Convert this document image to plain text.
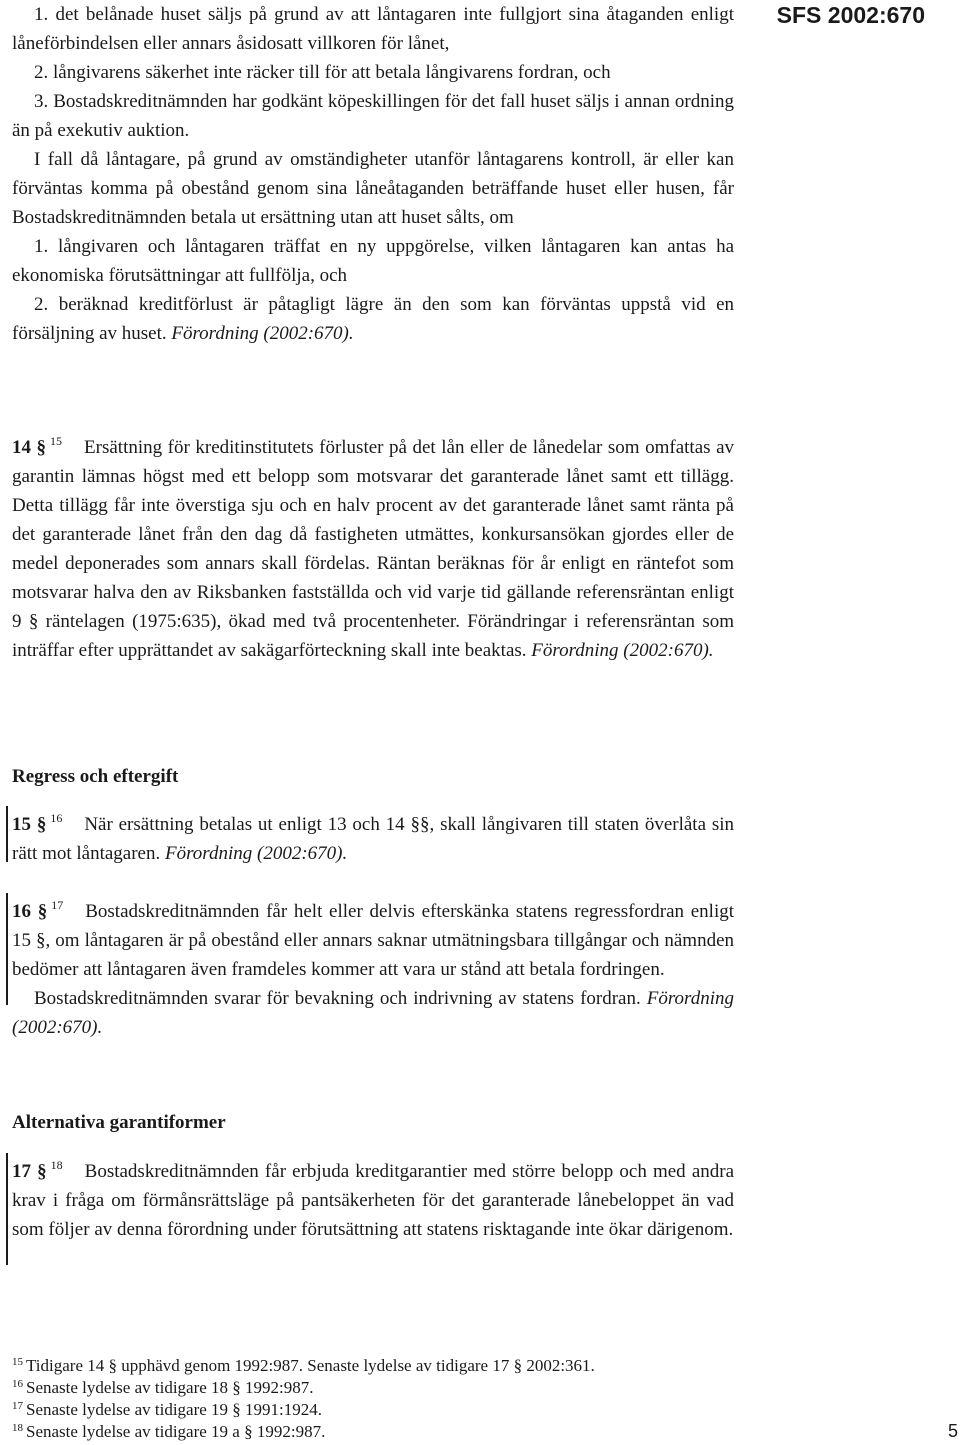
SFS 2002:670

1. det belånade huset säljs på grund av att låntagaren inte fullgjort sina åtaganden enligt låneförbindelsen eller annars åsidosatt villkoren för lånet,

2. långivarens säkerhet inte räcker till för att betala långivarens fordran, och

3. Bostadskreditnämnden har godkänt köpeskillingen för det fall huset säljs i annan ordning än på exekutiv auktion.

I fall då låntagare, på grund av omständigheter utanför låntagarens kontroll, är eller kan förväntas komma på obestånd genom sina låneåtaganden beträffande huset eller husen, får Bostadskreditnämnden betala ut ersättning utan att huset sålts, om

1. långivaren och låntagaren träffat en ny uppgörelse, vilken låntagaren kan antas ha ekonomiska förutsättningar att fullfölja, och

2. beräknad kreditförlust är påtagligt lägre än den som kan förväntas uppstå vid en försäljning av huset. Förordning (2002:670).

14 § $^{15}$ Ersättning för kreditinstitutets förluster på det lån eller de lånedelar som omfattas av garantin lämnas högst med ett belopp som motsvarar det garanterade lånet samt ett tillägg. Detta tillägg får inte överstiga sju och en halv procent av det garanterade lånet samt ränta på det garanterade lånet från den dag då fastigheten utmättes, konkursansökan gjordes eller de medel deponerades som annars skall fördelas. Räntan beräknas för år enligt en räntefot som motsvarar halva den av Riksbanken fastställda och vid varje tid gällande referensräntan enligt 9 § räntelagen (1975:635), ökad med två procentenheter. Förändringar i referensräntan som inträffar efter upprättandet av sakägarförteckning skall inte beaktas. Förordning (2002:670).

Regress och eftergift

15 § $^{16}$ När ersättning betalas ut enligt 13 och 14 §§, skall långivaren till staten överlåta sin rätt mot låntagaren. Förordning (2002:670).

16 § $^{17}$ Bostadskreditnämnden får helt eller delvis efterskänka statens regressfordran enligt 15 §, om låntagaren är på obestånd eller annars saknar utmätningsbara tillgångar och nämnden bedömer att låntagaren även framdeles kommer att vara ur stånd att betala fordringen.

Bostadskreditnämnden svarar för bevakning och indrivning av statens fordran. Förordning (2002:670).

Alternativa garantiformer

17 § $^{18}$ Bostadskreditnämnden får erbjuda kreditgarantier med större belopp och med andra krav i fråga om förmånsrättsläge på pantsäkerheten för det garanterade lånebeloppet än vad som följer av denna förordning under förutsättning att statens risktagande inte ökar därigenom.

$^{15}$ Tidigare 14 § upphävd genom 1992:987. Senaste lydelse av tidigare 17 § 2002:361.
$^{16}$ Senaste lydelse av tidigare 18 § 1992:987.
$^{17}$ Senaste lydelse av tidigare 19 § 1991:1924.
$^{18}$ Senaste lydelse av tidigare 19 a § 1992:987.	5
